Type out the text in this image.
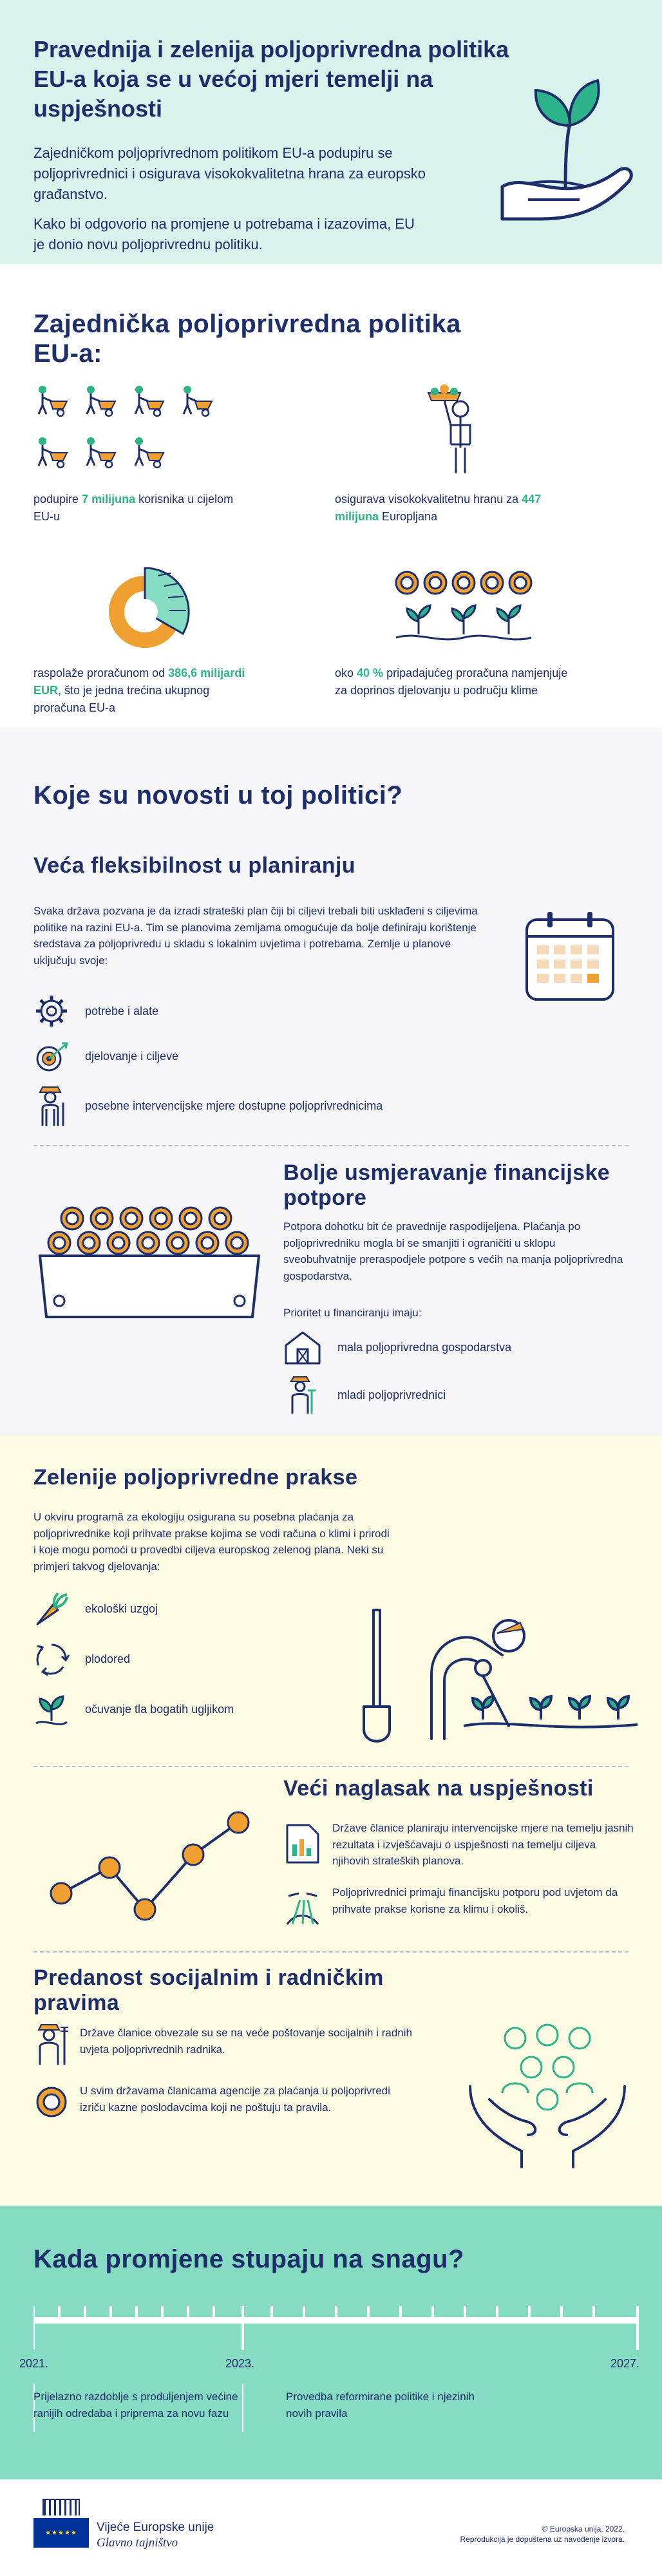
Pravednija i zelenija poljoprivredna politika EU-a koja se u većoj mjeri temelji na uspješnosti
Zajedničkom poljoprivrednom politikom EU-a podupiru se poljoprivrednici i osigurava visokokvalitetna hrana za europsko građanstvo.
Kako bi odgovorio na promjene u potrebama i izazovima, EU je donio novu poljoprivrednu politiku.
Zajednička poljoprivredna politika EU-a:
podupire 7 milijuna korisnika u cijelom EU-u
osigurava visokokvalitetnu hranu za 447 milijuna Europljana
raspolaže proračunom od 386,6 milijardi EUR, što je jedna trećina ukupnog proračuna EU-a
oko 40 % pripadajućeg proračuna namjenjuje za doprinos djelovanju u području klime
Koje su novosti u toj politici?
Veća fleksibilnost u planiranju
Svaka država pozvana je da izradi strateški plan čiji bi ciljevi trebali biti usklađeni s ciljevima politike na razini EU-a. Tim se planovima zemljama omogućuje da bolje definiraju korištenje sredstava za poljoprivredu u skladu s lokalnim uvjetima i potrebama. Zemlje u planove uključuju svoje:
potrebe i alate
djelovanje i ciljeve
posebne intervencijske mjere dostupne poljoprivrednicima
Bolje usmjeravanje financijske potpore
Potpora dohotku bit će pravednije raspodijeljena. Plaćanja po poljoprivredniku mogla bi se smanjiti i ograničiti u sklopu sveobuhvatnije preraspodjele potpore s većih na manja poljoprivredna gospodarstva.
Prioritet u financiranju imaju:
mala poljoprivredna gospodarstva
mladi poljoprivrednici
Zelenije poljoprivredne prakse
U okviru programâ za ekologiju osigurana su posebna plaćanja za poljoprivrednike koji prihvate prakse kojima se vodi računa o klimi i prirodi i koje mogu pomoći u provedbi ciljeva europskog zelenog plana. Neki su primjeri takvog djelovanja:
ekološki uzgoj
plodored
očuvanje tla bogatih ugljikom
Veći naglasak na uspješnosti
Države članice planiraju intervencijske mjere na temelju jasnih rezultata i izvješćavaju o uspješnosti na temelju ciljeva njihovih strateških planova.
Poljoprivrednici primaju financijsku potporu pod uvjetom da prihvate prakse korisne za klimu i okoliš.
Predanost socijalnim i radničkim pravima
Države članice obvezale su se na veće poštovanje socijalnih i radnih uvjeta poljoprivrednih radnika.
U svim državama članicama agencije za plaćanja u poljoprivredi izriču kazne poslodavcima koji ne poštuju ta pravila.
Kada promjene stupaju na snagu?
2021.	2023.	2027.
Prijelazno razdoblje s produljenjem većine ranijih odredaba i pripremа za novu fazu
Provedba reformirane politike i njezinih novih pravila
★★★★★	Vijeće Europske unije
Glavno tajništvo
© Europska unija, 2022.
Reprodukcija je dopuštena uz navođenje izvora.
